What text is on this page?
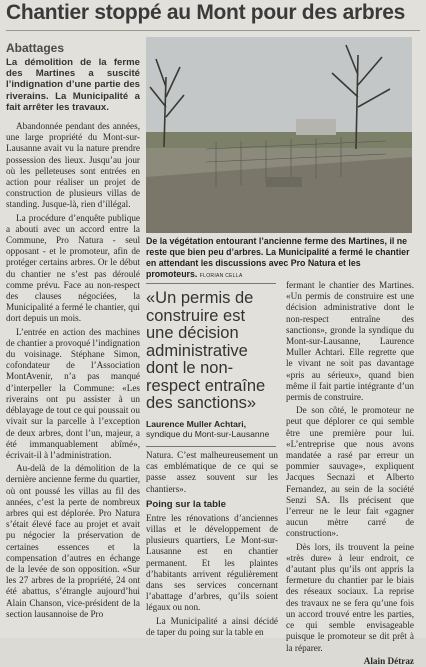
Chantier stoppé au Mont pour des arbres
Abattages
La démolition de la ferme des Martines a suscité l’indignation d’une partie des riverains. La Municipalité a fait arrêter les travaux.

Abandonnée pendant des années, une large propriété du Mont-sur-Lausanne avait vu la nature prendre possession des lieux. Jusqu’au jour où les pelleteuses sont entrées en action pour réaliser un projet de construction de plusieurs villas de standing. Jusque-là, rien d’illégal.

La procédure d’enquête publique a abouti avec un accord entre la Commune, Pro Natura - seul opposant - et le promoteur, afin de protéger certains arbres. Or le début du chantier ne s’est pas déroulé comme prévu. Face au non-respect des clauses négociées, la Municipalité a fermé le chantier, qui dort depuis un mois.

L’entrée en action des machines de chantier a provoqué l’indignation du voisinage. Stéphane Simon, cofondateur de l’Association MontAvenir, n’a pas manqué d’interpeller la Commune: «Les riverains ont pu assister à un déblayage de tout ce qui poussait ou vivait sur la parcelle à l’exception de deux arbres, dont l’un, majeur, a été immanquablement abîmé», écrivait-il à l’administration.

Au-delà de la démolition de la dernière ancienne ferme du quartier, où ont poussé les villas au fil des années, c’est la perte de nombreux arbres qui est déplorée. Pro Natura s’était élevé face au projet et avait pu négocier la préservation de certaines essences et la compensation d’autres en échange de la levée de son opposition. «Sur les 27 arbres de la propriété, 24 ont été abattus, s’étrangle aujourd’hui Alain Chanson, vice-président de la section lausannoise de Pro

De la végétation entourant l’ancienne ferme des Martines, il ne reste que bien peu d’arbres. La Municipalité a fermé le chantier en attendant les discussions avec Pro Natura et les promoteurs. FLORIAN CELLA
«Un permis de construire est une décision administrative dont le non-respect entraîne des sanctions»
Laurence Muller Achtari,
syndique du Mont-sur-Lausanne

Natura. C’est malheureusement un cas emblématique de ce qui se passe assez souvent sur les chantiers».

Poing sur la table

Entre les rénovations d’anciennes villas et le développement de plusieurs quartiers, Le Mont-sur-Lausanne est en chantier permanent. Et les plaintes d’habitants arrivent régulièrement dans ses services concernant l’abattage d’arbres, qu’ils soient légaux ou non.

La Municipalité a ainsi décidé de taper du poing sur la table en

fermant le chantier des Martines. «Un permis de construire est une décision administrative dont le non-respect entraîne des sanctions», gronde la syndique du Mont-sur-Lausanne, Laurence Muller Achtari. Elle regrette que le vivant ne soit pas davantage «pris au sérieux», quand bien même il fait partie intégrante d’un permis de construire.

De son côté, le promoteur ne peut que déplorer ce qui semble être une première pour lui. «L’entreprise que nous avons mandatée a rasé par erreur un pommier sauvage», expliquent Jacques Secnazi et Alberto Fernandez, au sein de la société Senzi SA. Ils précisent que l’erreur ne le leur fait «gagner aucun mètre carré de construction».

Dès lors, ils trouvent la peine «très dure» à leur endroit, ce d’autant plus qu’ils ont appris la fermeture du chantier par le biais des réseaux sociaux. La reprise des travaux ne se fera qu’une fois un accord trouvé entre les parties, ce qui semble envisageable puisque le promoteur se dit prêt à la réparer.

Alain Détraz
